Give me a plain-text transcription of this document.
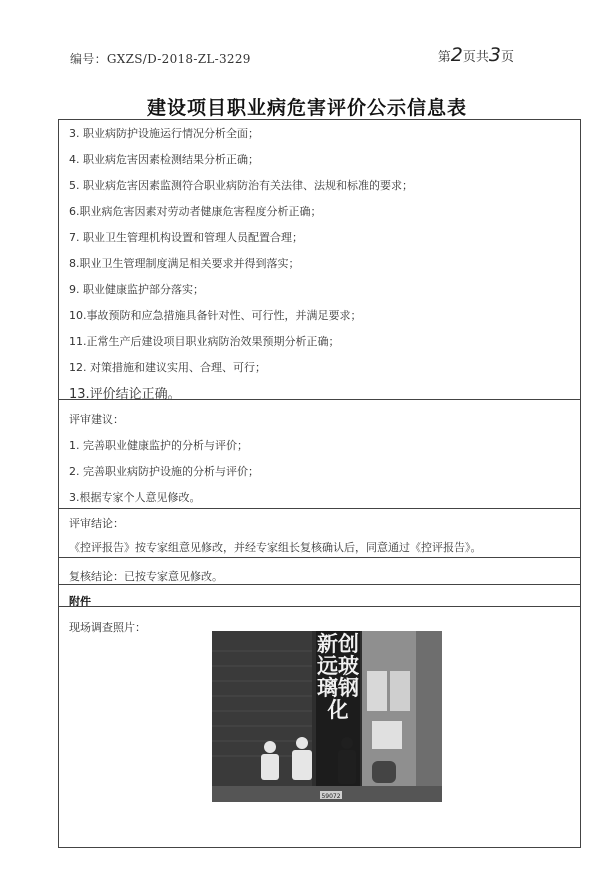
编号：GXZS/D-2018-ZL-3229	第2页共3页
建设项目职业病危害评价公示信息表
3. 职业病防护设施运行情况分析全面；
4. 职业病危害因素检测结果分析正确；
5. 职业病危害因素监测符合职业病防治有关法律、法规和标准的要求；
6.职业病危害因素对劳动者健康危害程度分析正确；
7. 职业卫生管理机构设置和管理人员配置合理；
8.职业卫生管理制度满足相关要求并得到落实；
9. 职业健康监护部分落实；
10.事故预防和应急措施具备针对性、可行性，并满足要求；
11.正常生产后建设项目职业病防治效果预期分析正确；
12. 对策措施和建议实用、合理、可行；
13.评价结论正确。
评审建议：
1. 完善职业健康监护的分析与评价；
2. 完善职业病防护设施的分析与评价；
3.根据专家个人意见修改。
评审结论：
《控评报告》按专家组意见修改，并经专家组长复核确认后，同意通过《控评报告》。
复核结论：已按专家意见修改。
附件
现场调查照片：
59072
新创远玻璃钢化
